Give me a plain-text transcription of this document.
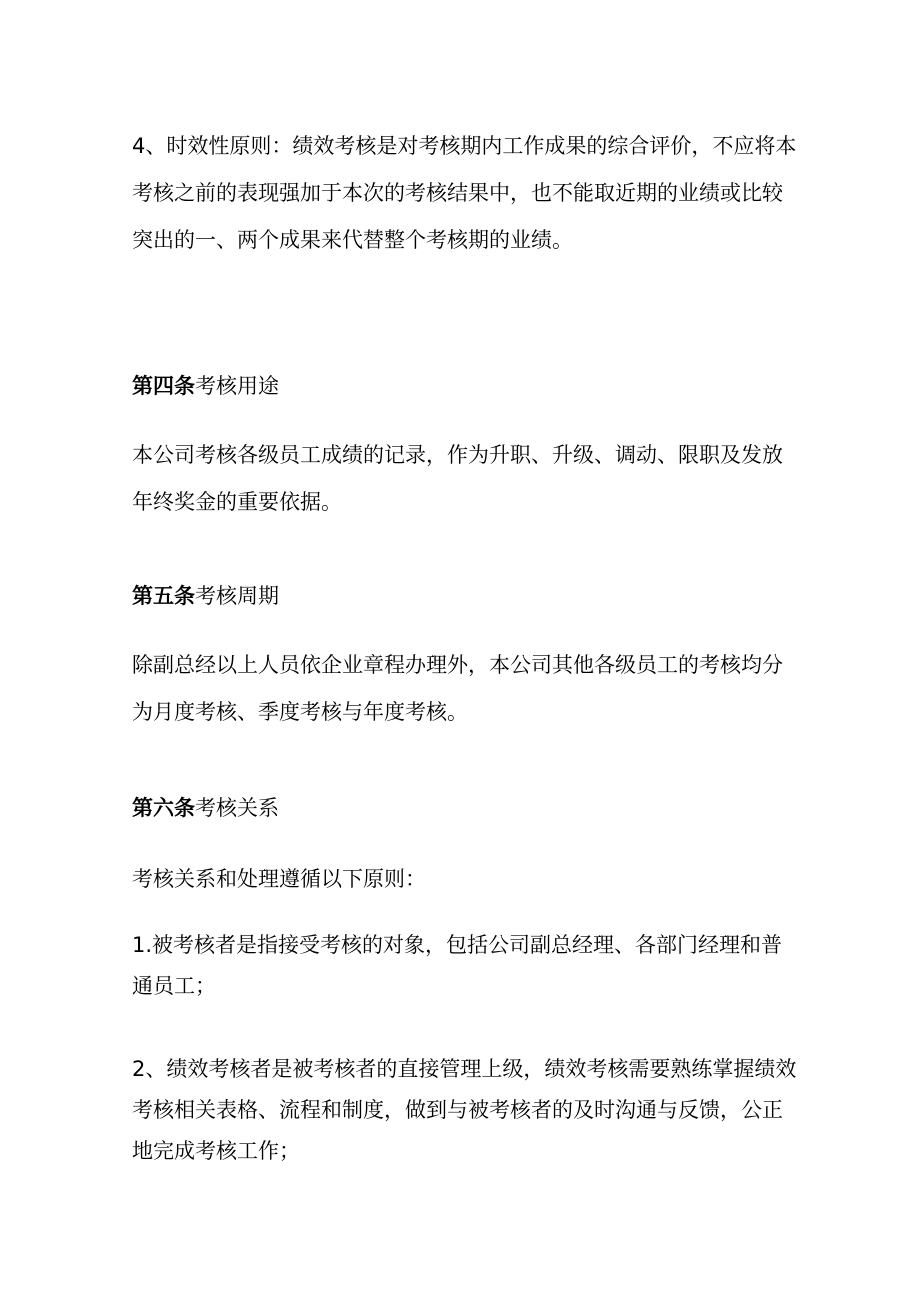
4、时效性原则：绩效考核是对考核期内工作成果的综合评价，不应将本考核之前的表现强加于本次的考核结果中，也不能取近期的业绩或比较突出的一、两个成果来代替整个考核期的业绩。

第四条考核用途

本公司考核各级员工成绩的记录，作为升职、升级、调动、限职及发放年终奖金的重要依据。

第五条考核周期

除副总经以上人员依企业章程办理外，本公司其他各级员工的考核均分为月度考核、季度考核与年度考核。

第六条考核关系

考核关系和处理遵循以下原则：

1.被考核者是指接受考核的对象，包括公司副总经理、各部门经理和普通员工；

2、绩效考核者是被考核者的直接管理上级，绩效考核需要熟练掌握绩效考核相关表格、流程和制度，做到与被考核者的及时沟通与反馈，公正地完成考核工作；
